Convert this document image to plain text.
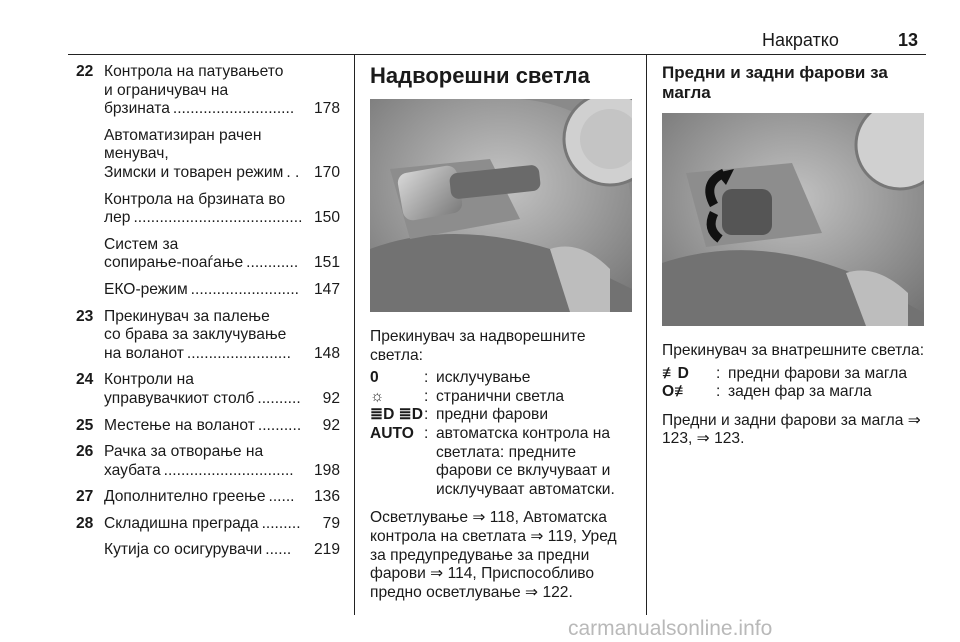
Накратко	13
22 Контрола на патувањето
и ограничувач на
брзината ............................	178
Автоматизиран рачен
менувач,
Зимски и товарен режим . . 170
Контрола на брзината во
лер ....................................... 150
Систем за
сопирање-поаѓање ............	151
ЕКО-режим ......................... 147
23 Прекинувач за палење
со брава за заклучување
на воланот ........................	148
24 Контроли на
управувачкиот столб ..........	92
25 Местење на воланот ..........	92
26 Рачка за отворање на
хаубата ..............................	198
27 Дополнително греење ......	136
28 Складишна преграда .........	79
Кутија со осигурувачи ......	219
Надворешни светла

Прекинувач за надворешните светла:

0	: исклучување
☼	: странични светла
≣D ≣D : предни фарови
AUTO : автоматска контрола на светлата: предните фарови се вклучуваат и исклучуваат автоматски.

Осветлување ⇒ 118, Автоматска контрола на светлата ⇒ 119, Уред за предупредување за предни фарови ⇒ 114, Приспособливо предно осветлување ⇒ 122.

Предни и задни фарови за магла

Прекинувач за внатрешните светла:

≢D	: предни фарови за магла
O≢	: заден фар за магла

Предни и задни фарови за магла ⇒ 123, ⇒ 123.

carmanualsonline.info
